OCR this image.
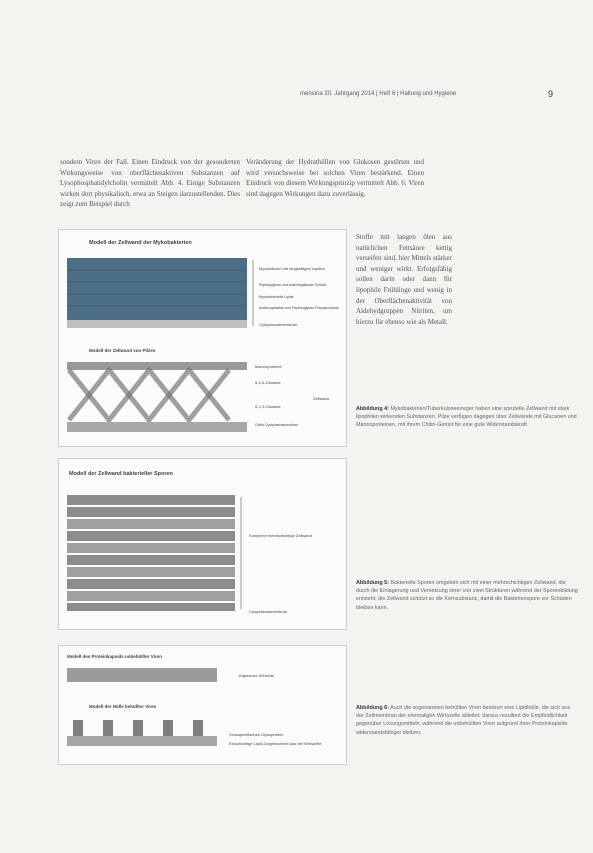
mensina 20. Jahrgang 2014 | Heft 6 | Haltung und Hygiene	9
sondern Viren der Fall. Einen Eindruck von der gesonderten Wirkungsweise von oberflächenaktiven Substanzen auf Lysophosphatidylcholin vermittelt Abb. 4. Einige Substanzen wirken dort physikalisch, etwa an Steigen darzustellenden. Dies zeigt zum Beispiel durch
Veränderung der Hydrathüllen von Glukosen gestörten und wird versuchsweise bei solchen Viren bestärkend. Einen Eindruck von diesem Wirkungsprinzip vermittelt Abb. 6. Viren sind dagegen Wirkungen dazu zuverlässig.
Stoffe mit langen ölen aus natürlichen Fettsäure kettig verseifen sind, hier Mittels stärker und weniger wirkt. Erfolgsfähig sollen darin oder dann für lipophile Frühlinge und wenig in der Oberflächenaktivität von Aldehydgruppen Nitriten, um hierzu für ebenso wie als Metall.
Modell der Zellwand der Mykobakterien
Mycolsäuren mit langkettigen Lipiden
Peptidoglycan und Arabinogalactan Schicht
Mycobakterielle Lipide
Arabinogalactan und Peptidoglycan Polysaccharide
Cytoplasmamembran
Modell der Zellwand von Pilzen
Mannoproteine
ß-1,6-Glucane
ß-1,3-Glucane
Chitin Cytoplasmamembran
Zellwand
Abbildung 4: Mykobakterien/Tuberkuloseerreger haben eine spezielle Zellwand mit stark lipophilen wirkenden Substanzen. Pilze verfügen dagegen über Zellwände mit Glucanen und Mannoproteinen, mit ihrem Chitin-Gerüst für eine gute Widerstandskraft.
Modell der Zellwand bakterieller Sporen
Komplexe mehrschichtige Zellwand
Cytoplasmamembran
Abbildung 5: Bakterielle Sporen umgeben sich mit einer mehrschichtigen Zellwand, die durch die Einlagerung und Vernetzung einer von zwei Strukturen während der Sporenbildung entsteht; die Zellwand schützt so die Kernsubstanz, damit die Bakterienspore vor Schäden bleiben kann.
Modell des Proteinkapsids unbehüllter Viren
Kapsomer-Schichte
Modell der Hülle behüllter Viren
Virusspezifisches Glykoprotein
Einschichtige Lipid-Doppelschicht aus der Wirtszelle
Abbildung 6: Auch die sogenannten behüllten Viren besitzen eine Lipidhülle, die sich aus der Zellmembran der ehemaligen Wirtszelle ableitet; daraus resultiert die Empfindlichkeit gegenüber Lösungsmitteln, während die unbehüllten Viren aufgrund ihrer Proteinkapside widerstandsfähiger bleiben.
